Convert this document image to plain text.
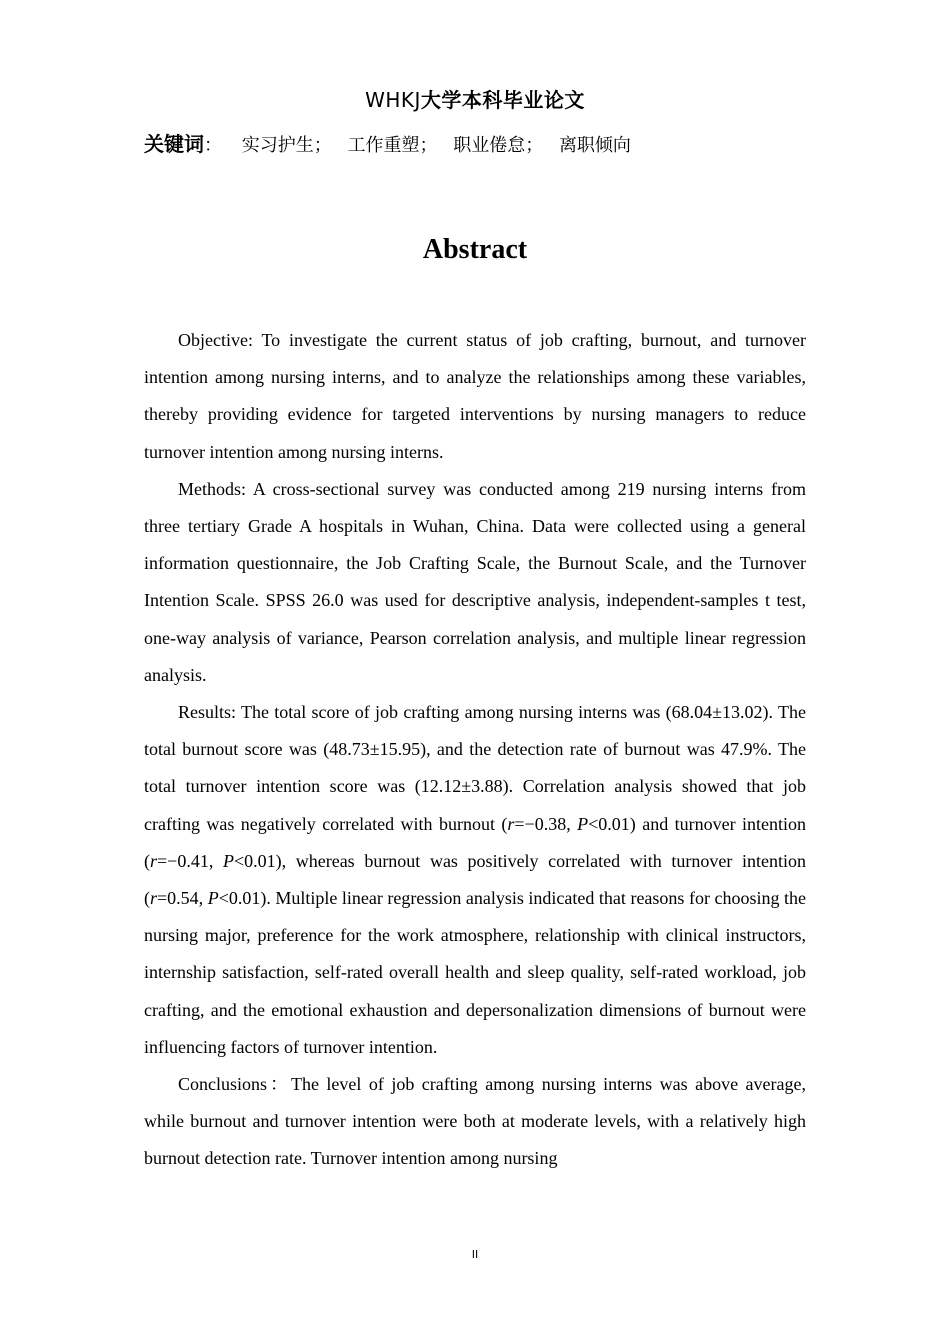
WHKJ大学本科毕业论文
关键词： 实习护生； 工作重塑； 职业倦怠； 离职倾向
Abstract

Objective: To investigate the current status of job crafting, burnout, and turnover intention among nursing interns, and to analyze the relationships among these variables, thereby providing evidence for targeted interventions by nursing managers to reduce turnover intention among nursing interns.

Methods: A cross-sectional survey was conducted among 219 nursing interns from three tertiary Grade A hospitals in Wuhan, China. Data were collected using a general information questionnaire, the Job Crafting Scale, the Burnout Scale, and the Turnover Intention Scale. SPSS 26.0 was used for descriptive analysis, independent-samples t test, one-way analysis of variance, Pearson correlation analysis, and multiple linear regression analysis.

Results: The total score of job crafting among nursing interns was (68.04±13.02). The total burnout score was (48.73±15.95), and the detection rate of burnout was 47.9%. The total turnover intention score was (12.12±3.88). Correlation analysis showed that job crafting was negatively correlated with burnout (r=−0.38, P<0.01) and turnover intention (r=−0.41, P<0.01), whereas burnout was positively correlated with turnover intention (r=0.54, P<0.01). Multiple linear regression analysis indicated that reasons for choosing the nursing major, preference for the work atmosphere, relationship with clinical instructors, internship satisfaction, self-rated overall health and sleep quality, self-rated workload, job crafting, and the emotional exhaustion and depersonalization dimensions of burnout were influencing factors of turnover intention.

Conclusions：The level of job crafting among nursing interns was above average, while burnout and turnover intention were both at moderate levels, with a relatively high burnout detection rate. Turnover intention among nursing

II
